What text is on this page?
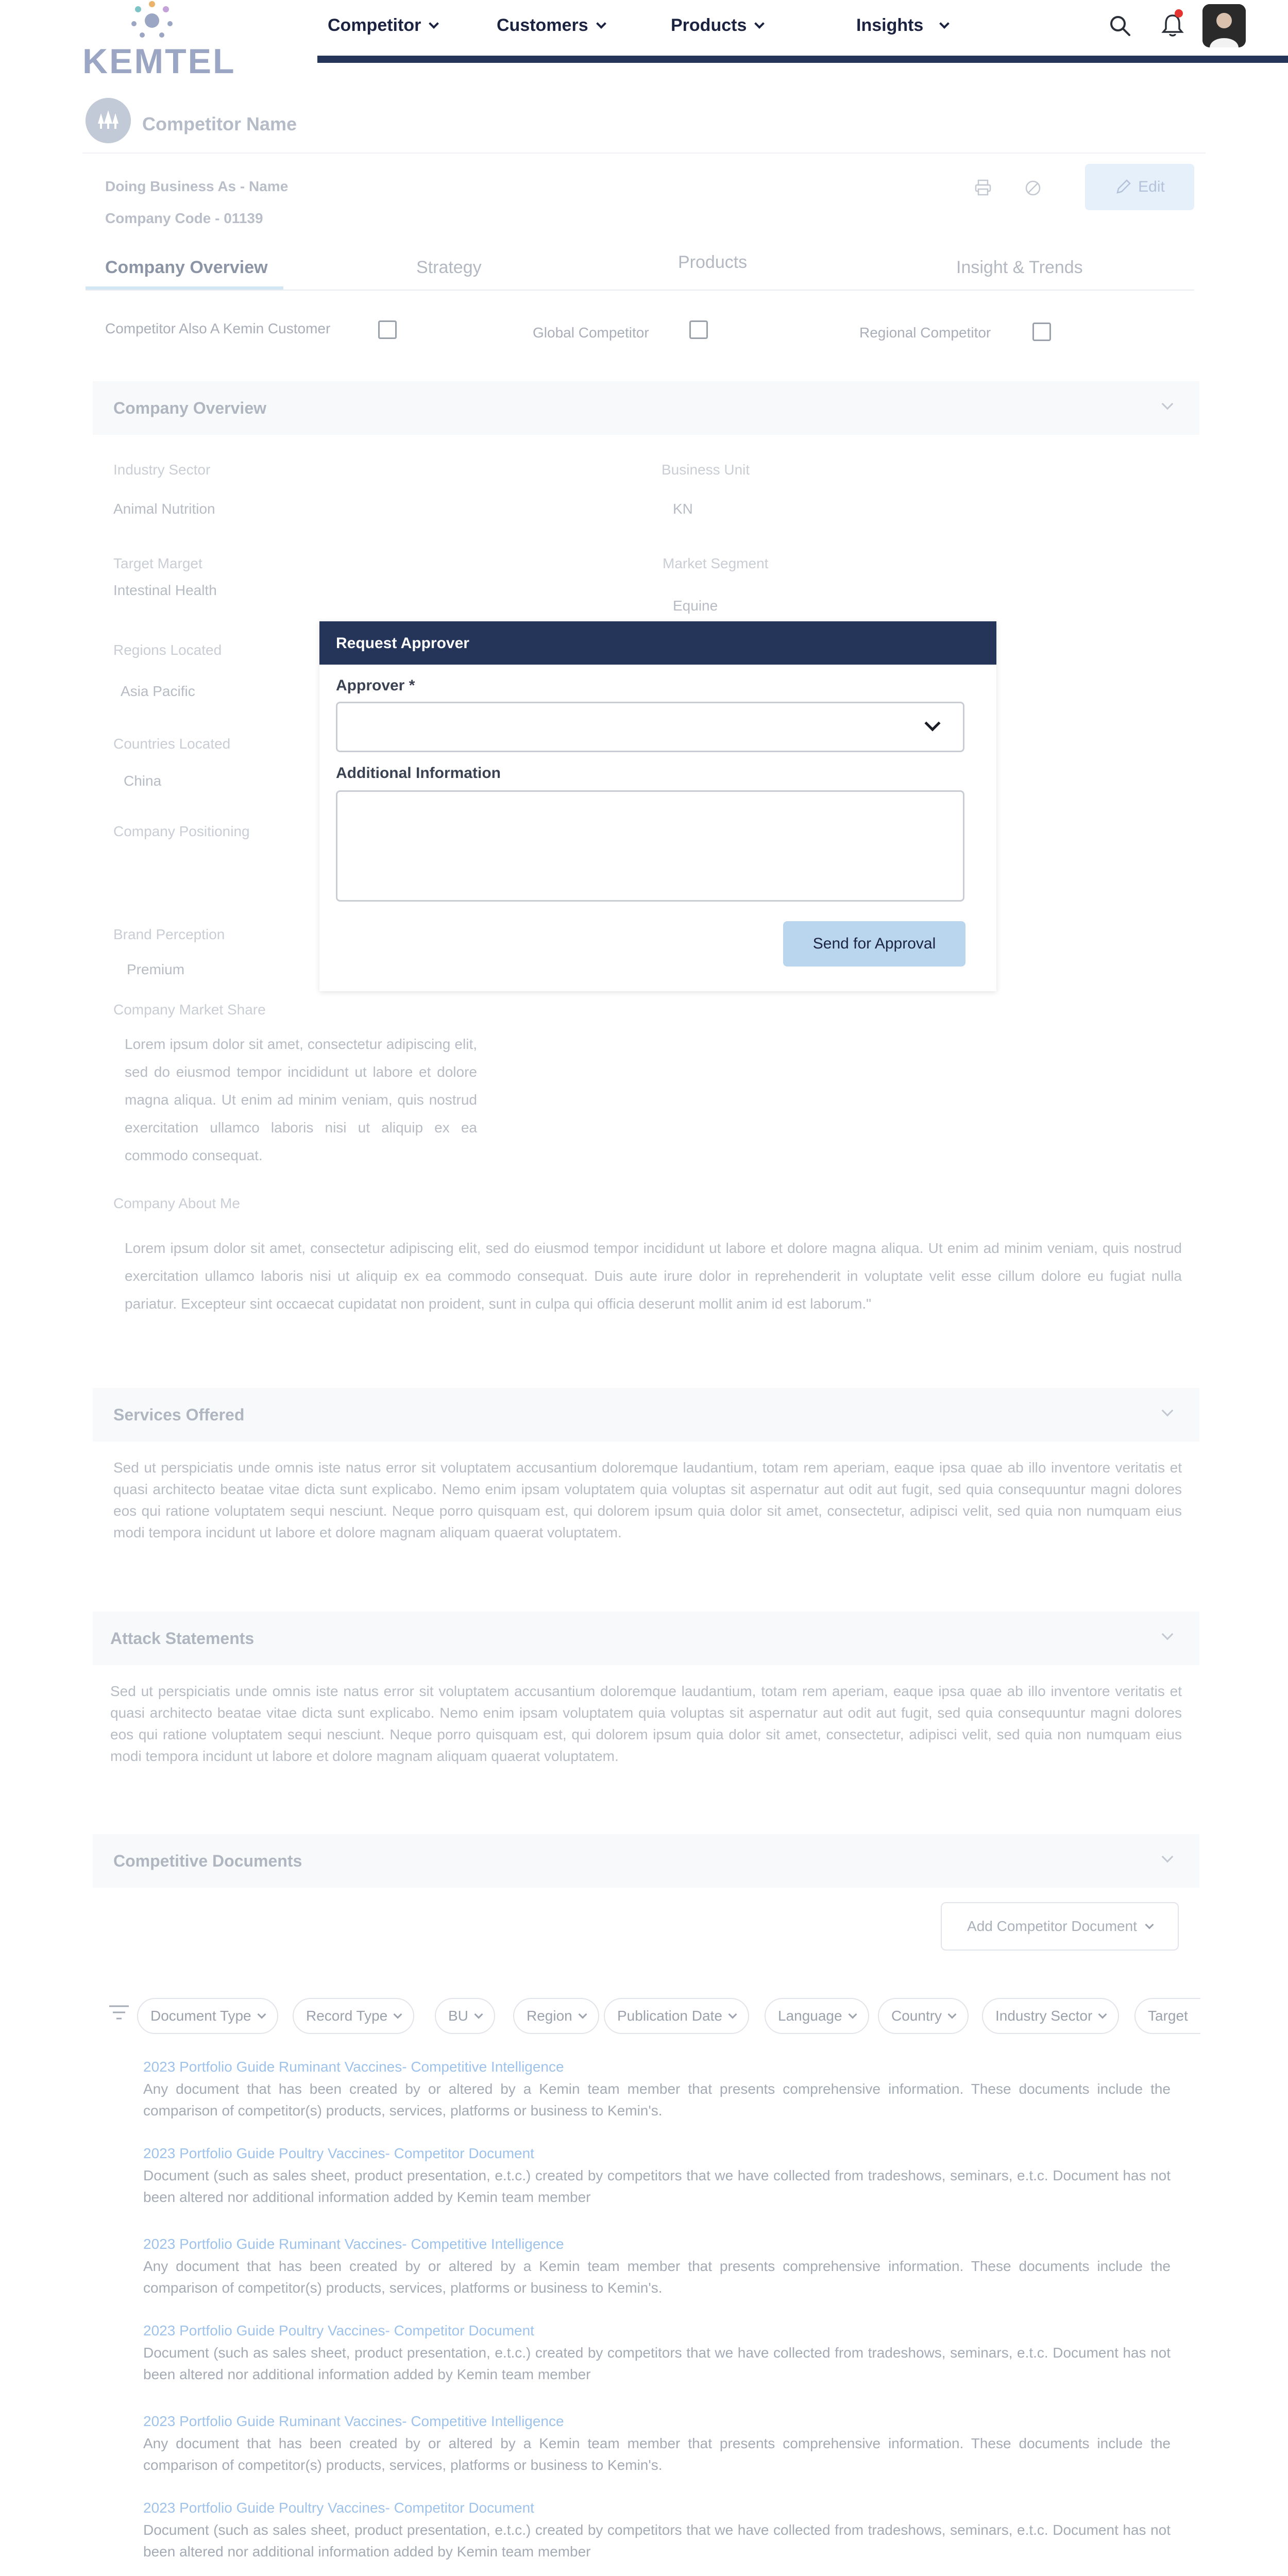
KEMTEL
Competitor	Customers	Products	Insights
Competitor Name
Doing Business As - Name
Company Code - 01139
Edit
Company Overview	Strategy	Products	Insight & Trends
Competitor Also A Kemin Customer	Global Competitor	Regional Competitor
Company Overview
Industry Sector
Animal Nutrition
Business Unit
KN
Target Marget
Intestinal Health
Market Segment
Equine
Regions Located
Asia Pacific
Countries Located
China
Company Positioning
Brand Perception
Premium
Company Market Share
Lorem ipsum dolor sit amet, consectetur adipiscing elit, sed do eiusmod tempor incididunt ut labore et dolore magna aliqua. Ut enim ad minim veniam, quis nostrud exercitation ullamco laboris nisi ut aliquip ex ea commodo consequat.
Company About Me
Lorem ipsum dolor sit amet, consectetur adipiscing elit, sed do eiusmod tempor incididunt ut labore et dolore magna aliqua. Ut enim ad minim veniam, quis nostrud exercitation ullamco laboris nisi ut aliquip ex ea commodo consequat. Duis aute irure dolor in reprehenderit in voluptate velit esse cillum dolore eu fugiat nulla pariatur. Excepteur sint occaecat cupidatat non proident, sunt in culpa qui officia deserunt mollit anim id est laborum."
Services Offered
Sed ut perspiciatis unde omnis iste natus error sit voluptatem accusantium doloremque laudantium, totam rem aperiam, eaque ipsa quae ab illo inventore veritatis et quasi architecto beatae vitae dicta sunt explicabo. Nemo enim ipsam voluptatem quia voluptas sit aspernatur aut odit aut fugit, sed quia consequuntur magni dolores eos qui ratione voluptatem sequi nesciunt. Neque porro quisquam est, qui dolorem ipsum quia dolor sit amet, consectetur, adipisci velit, sed quia non numquam eius modi tempora incidunt ut labore et dolore magnam aliquam quaerat voluptatem.
Attack Statements
Sed ut perspiciatis unde omnis iste natus error sit voluptatem accusantium doloremque laudantium, totam rem aperiam, eaque ipsa quae ab illo inventore veritatis et quasi architecto beatae vitae dicta sunt explicabo. Nemo enim ipsam voluptatem quia voluptas sit aspernatur aut odit aut fugit, sed quia consequuntur magni dolores eos qui ratione voluptatem sequi nesciunt. Neque porro quisquam est, qui dolorem ipsum quia dolor sit amet, consectetur, adipisci velit, sed quia non numquam eius modi tempora incidunt ut labore et dolore magnam aliquam quaerat voluptatem.
Competitive Documents
Add Competitor Document
Document Type	Record Type	BU	Region	Publication Date	Language	Country	Industry Sector	Target
2023 Portfolio Guide Ruminant Vaccines- Competitive Intelligence
Any document that has been created by or altered by a Kemin team member that presents comprehensive information. These documents include the comparison of competitor(s) products, services, platforms or business to Kemin's.
2023 Portfolio Guide Poultry Vaccines- Competitor Document
Document (such as sales sheet, product presentation, e.t.c.) created by competitors that we have collected from tradeshows, seminars, e.t.c. Document has not been altered nor additional information added by Kemin team member
2023 Portfolio Guide Ruminant Vaccines- Competitive Intelligence
Any document that has been created by or altered by a Kemin team member that presents comprehensive information. These documents include the comparison of competitor(s) products, services, platforms or business to Kemin's.
2023 Portfolio Guide Poultry Vaccines- Competitor Document
Document (such as sales sheet, product presentation, e.t.c.) created by competitors that we have collected from tradeshows, seminars, e.t.c. Document has not been altered nor additional information added by Kemin team member
2023 Portfolio Guide Ruminant Vaccines- Competitive Intelligence
Any document that has been created by or altered by a Kemin team member that presents comprehensive information. These documents include the comparison of competitor(s) products, services, platforms or business to Kemin's.
2023 Portfolio Guide Poultry Vaccines- Competitor Document
Document (such as sales sheet, product presentation, e.t.c.) created by competitors that we have collected from tradeshows, seminars, e.t.c. Document has not been altered nor additional information added by Kemin team member
Request Approver
Approver *
Additional Information
Send for Approval
